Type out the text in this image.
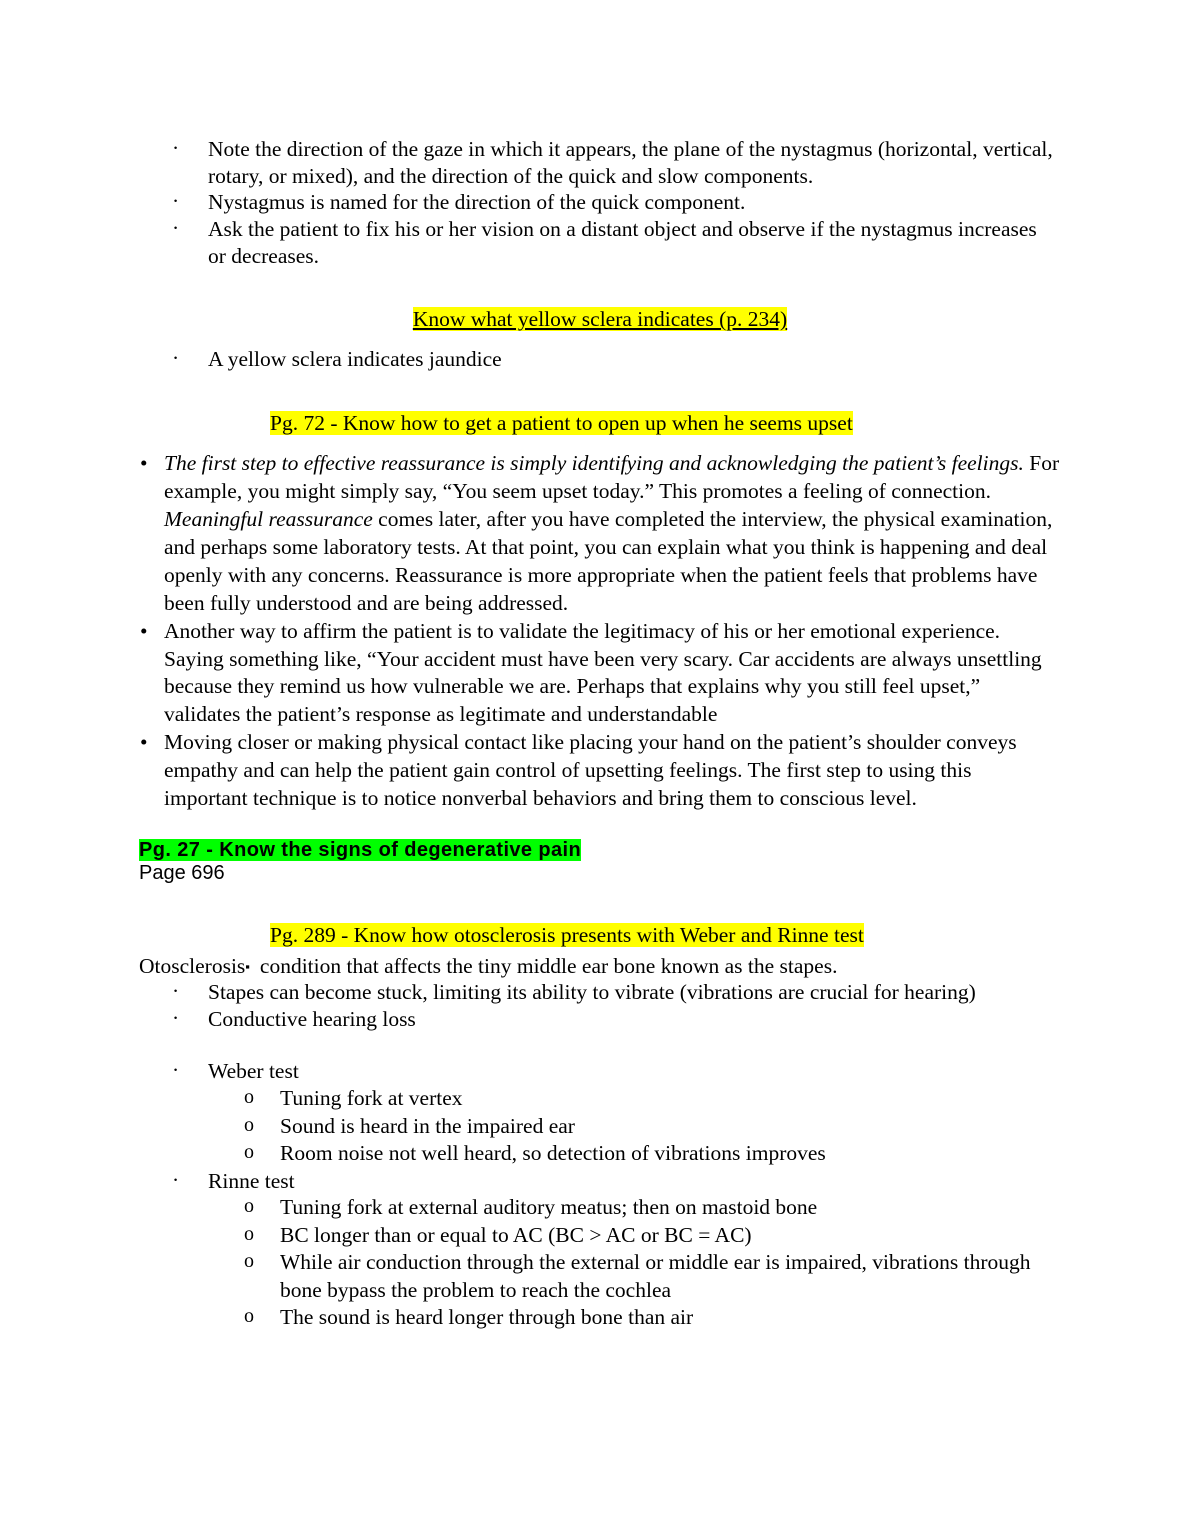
· Note the direction of the gaze in which it appears, the plane of the nystagmus (horizontal, vertical, rotary, or mixed), and the direction of the quick and slow components.
· Nystagmus is named for the direction of the quick component.
· Ask the patient to fix his or her vision on a distant object and observe if the nystagmus increases or decreases.

Know what yellow sclera indicates (p. 234)

· A yellow sclera indicates jaundice

Pg. 72 - Know how to get a patient to open up when he seems upset

• The first step to effective reassurance is simply identifying and acknowledging the patient’s feelings. For example, you might simply say, “You seem upset today.” This promotes a feeling of connection. Meaningful reassurance comes later, after you have completed the interview, the physical examination, and perhaps some laboratory tests. At that point, you can explain what you think is happening and deal openly with any concerns. Reassurance is more appropriate when the patient feels that problems have been fully understood and are being addressed.
• Another way to affirm the patient is to validate the legitimacy of his or her emotional experience. Saying something like, “Your accident must have been very scary. Car accidents are always unsettling because they remind us how vulnerable we are. Perhaps that explains why you still feel upset,” validates the patient’s response as legitimate and understandable
• Moving closer or making physical contact like placing your hand on the patient’s shoulder conveys empathy and can help the patient gain control of upsetting feelings. The first step to using this important technique is to notice nonverbal behaviors and bring them to conscious level.

Pg. 27 - Know the signs of degenerative pain

Page 696

Pg. 289 - Know how otosclerosis presents with Weber and Rinne test

Otosclerosis▪ condition that affects the tiny middle ear bone known as the stapes.

· Stapes can become stuck, limiting its ability to vibrate (vibrations are crucial for hearing)
· Conductive hearing loss
· Weber test
o Tuning fork at vertex
o Sound is heard in the impaired ear
o Room noise not well heard, so detection of vibrations improves
· Rinne test
o Tuning fork at external auditory meatus; then on mastoid bone
o BC longer than or equal to AC (BC > AC or BC = AC)
o While air conduction through the external or middle ear is impaired, vibrations through bone bypass the problem to reach the cochlea
o The sound is heard longer through bone than air
